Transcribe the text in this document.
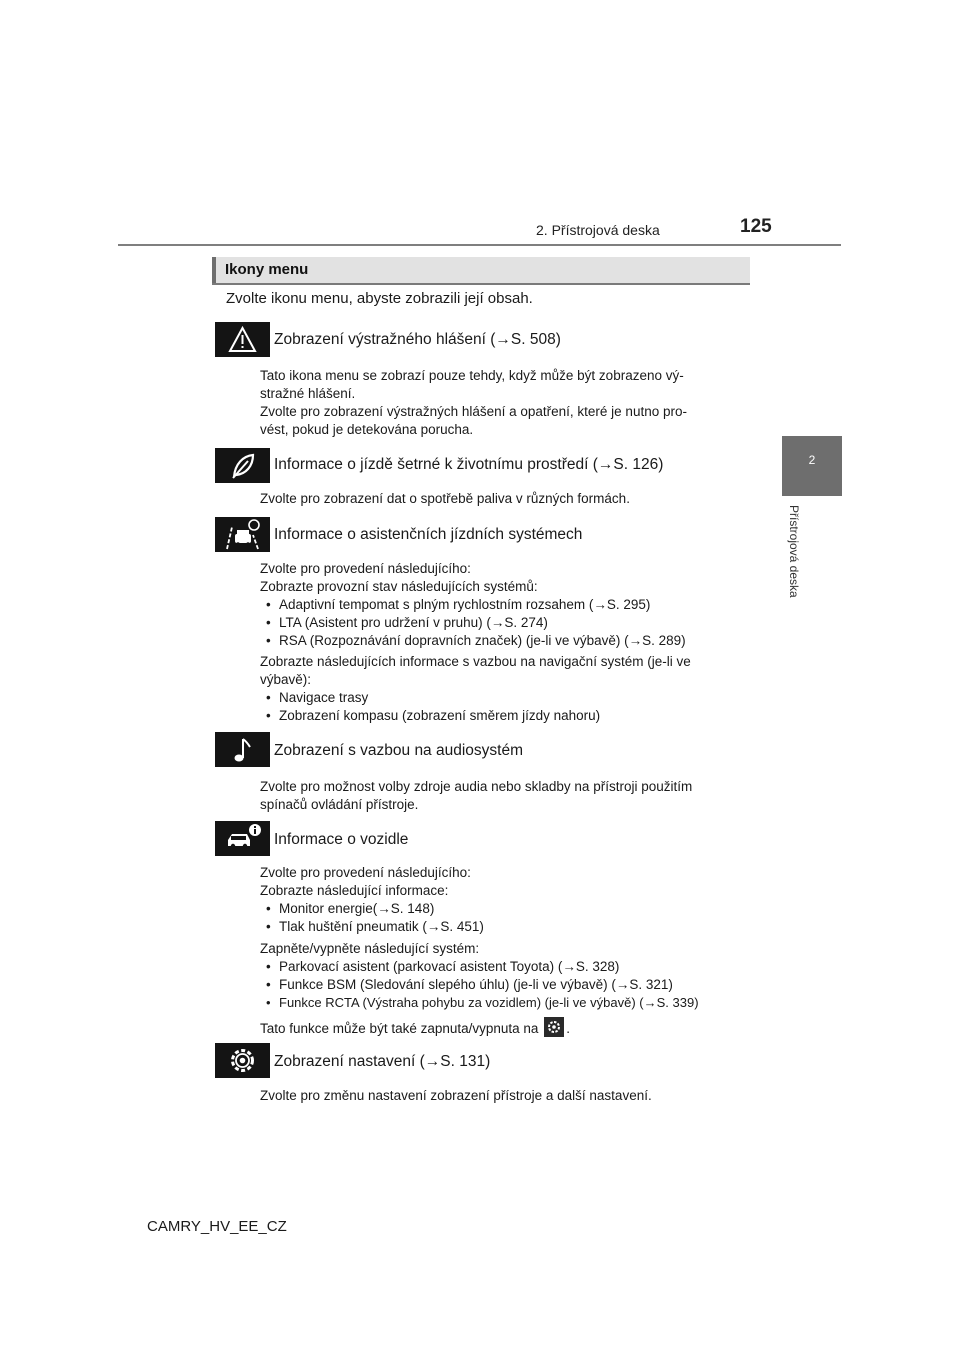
2. Přístrojová deska	125
2
Přístrojová deska
Ikony menu
Zvolte ikonu menu, abyste zobrazili její obsah.
Zobrazení výstražného hlášení (→S. 508)
Tato ikona menu se zobrazí pouze tehdy, když může být zobrazeno vý-
stražné hlášení.
Zvolte pro zobrazení výstražných hlášení a opatření, které je nutno pro-
vést, pokud je detekována porucha.
Informace o jízdě šetrné k životnímu prostředí (→S. 126)
Zvolte pro zobrazení dat o spotřebě paliva v různých formách.
Informace o asistenčních jízdních systémech
Zvolte pro provedení následujícího:
Zobrazte provozní stav následujících systémů:
• Adaptivní tempomat s plným rychlostním rozsahem (→S. 295)
• LTA (Asistent pro udržení v pruhu) (→S. 274)
• RSA (Rozpoznávání dopravních značek) (je-li ve výbavě) (→S. 289)
Zobrazte následujících informace s vazbou na navigační systém (je-li ve
výbavě):
• Navigace trasy
• Zobrazení kompasu (zobrazení směrem jízdy nahoru)
Zobrazení s vazbou na audiosystém
Zvolte pro možnost volby zdroje audia nebo skladby na přístroji použitím
spínačů ovládání přístroje.
Informace o vozidle
Zvolte pro provedení následujícího:
Zobrazte následující informace:
• Monitor energie(→S. 148)
• Tlak huštění pneumatik (→S. 451)
Zapněte/vypněte následující systém:
• Parkovací asistent (parkovací asistent Toyota) (→S. 328)
• Funkce BSM (Sledování slepého úhlu) (je-li ve výbavě) (→S. 321)
• Funkce RCTA (Výstraha pohybu za vozidlem) (je-li ve výbavě) (→S. 339)
Tato funkce může být také zapnuta/vypnuta na .
Zobrazení nastavení (→S. 131)
Zvolte pro změnu nastavení zobrazení přístroje a další nastavení.
CAMRY_HV_EE_CZ
